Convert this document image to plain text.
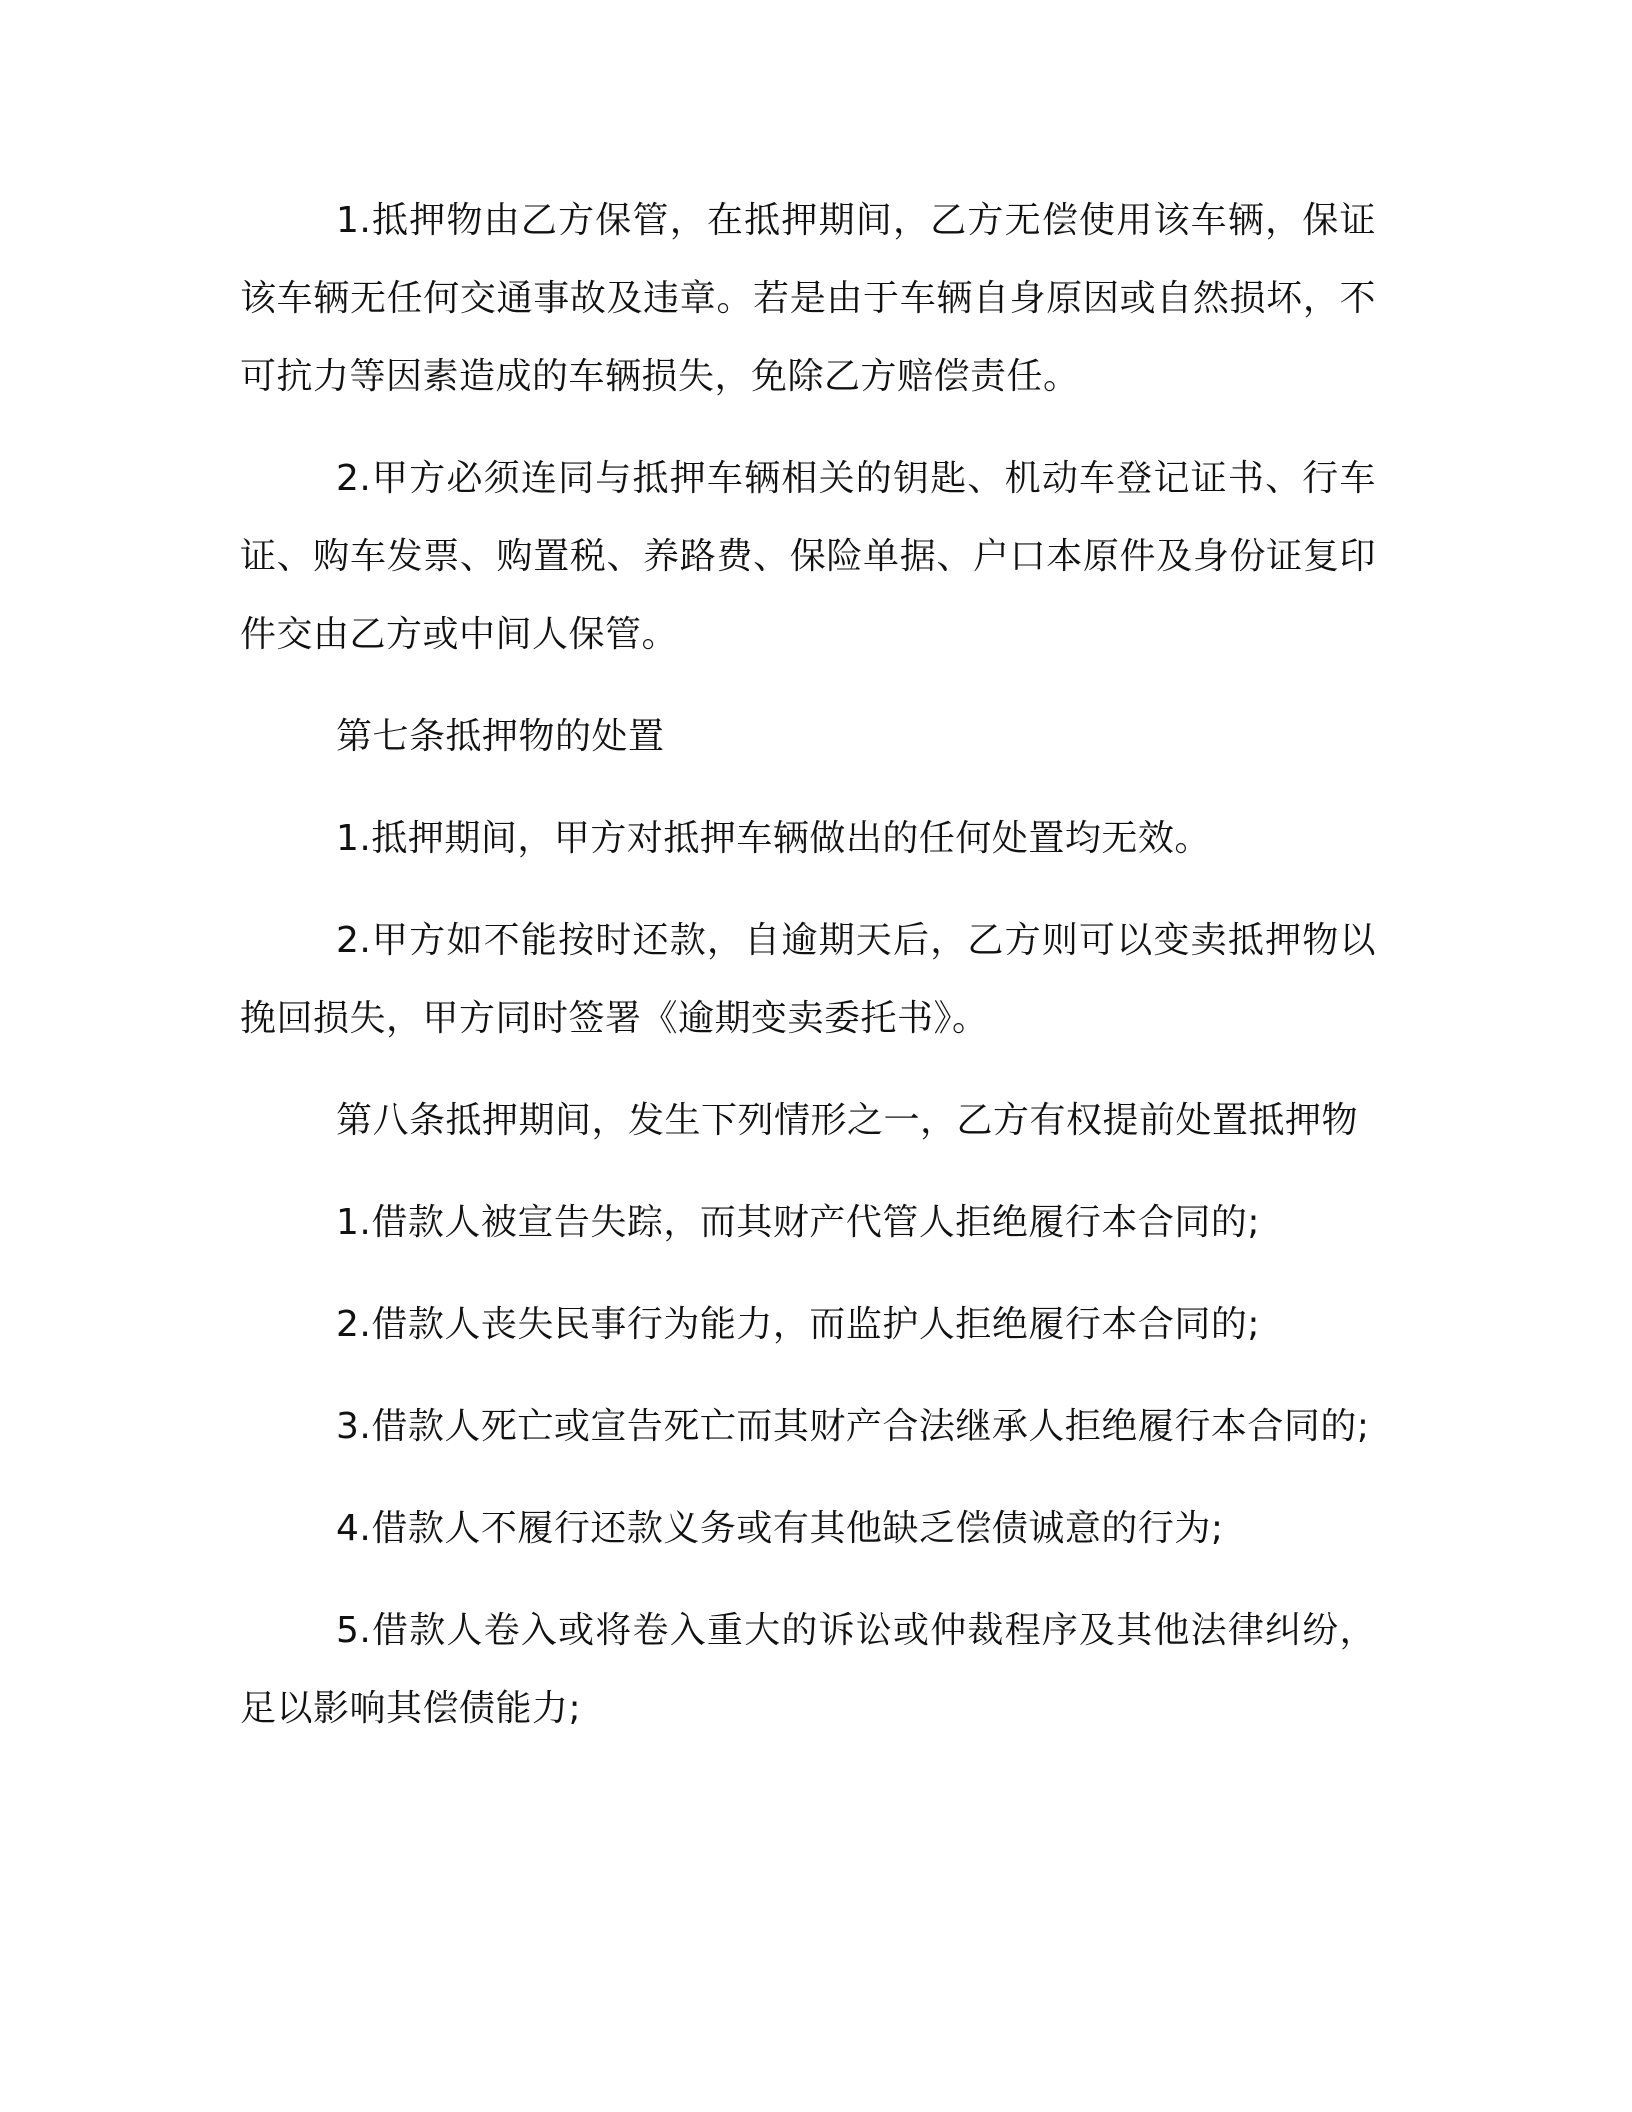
1.抵押物由乙方保管，在抵押期间，乙方无偿使用该车辆，保证该车辆无任何交通事故及违章。若是由于车辆自身原因或自然损坏，不可抗力等因素造成的车辆损失，免除乙方赔偿责任。

2.甲方必须连同与抵押车辆相关的钥匙、机动车登记证书、行车证、购车发票、购置税、养路费、保险单据、户口本原件及身份证复印件交由乙方或中间人保管。

第七条抵押物的处置

1.抵押期间，甲方对抵押车辆做出的任何处置均无效。

2.甲方如不能按时还款，自逾期天后，乙方则可以变卖抵押物以挽回损失，甲方同时签署《逾期变卖委托书》。

第八条抵押期间，发生下列情形之一，乙方有权提前处置抵押物

1.借款人被宣告失踪，而其财产代管人拒绝履行本合同的;

2.借款人丧失民事行为能力，而监护人拒绝履行本合同的;

3.借款人死亡或宣告死亡而其财产合法继承人拒绝履行本合同的;

4.借款人不履行还款义务或有其他缺乏偿债诚意的行为;

5.借款人卷入或将卷入重大的诉讼或仲裁程序及其他法律纠纷，足以影响其偿债能力;
